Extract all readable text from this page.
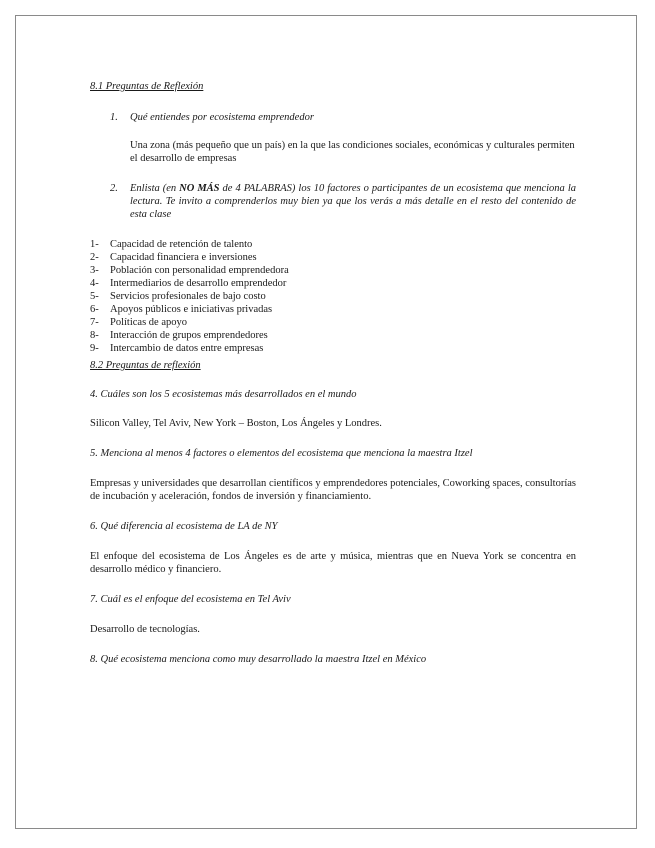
8.1 Preguntas de Reflexión

1.	Qué entiendes por ecosistema emprendedor

Una zona (más pequeño que un país) en la que las condiciones sociales, económicas y culturales permiten el desarrollo de empresas

2.	Enlista (en NO MÁS de 4 PALABRAS) los 10 factores o participantes de un ecosistema que menciona la lectura. Te invito a comprenderlos muy bien ya que los verás a más detalle en el resto del contenido de esta clase
1-	Capacidad de retención de talento
2-	Capacidad financiera e inversiones
3-	Población con personalidad emprendedora
4-	Intermediarios de desarrollo emprendedor
5-	Servicios profesionales de bajo costo
6-	Apoyos públicos e iniciativas privadas
7-	Políticas de apoyo
8-	Interacción de grupos emprendedores
9-	Intercambio de datos entre empresas

8.2 Preguntas de reflexión

4. Cuáles son los 5 ecosistemas más desarrollados en el mundo

Silicon Valley, Tel Aviv, New York – Boston, Los Ángeles y Londres.

5. Menciona al menos 4 factores o elementos del ecosistema que menciona la maestra Itzel

Empresas y universidades que desarrollan científicos y emprendedores potenciales, Coworking spaces, consultorías de incubación y aceleración, fondos de inversión y financiamiento.

6. Qué diferencia al ecosistema de LA de NY

El enfoque del ecosistema de Los Ángeles es de arte y música, mientras que en Nueva York se concentra en desarrollo médico y financiero.

7. Cuál es el enfoque del ecosistema en Tel Aviv

Desarrollo de tecnologías.

8. Qué ecosistema menciona como muy desarrollado la maestra Itzel en México
